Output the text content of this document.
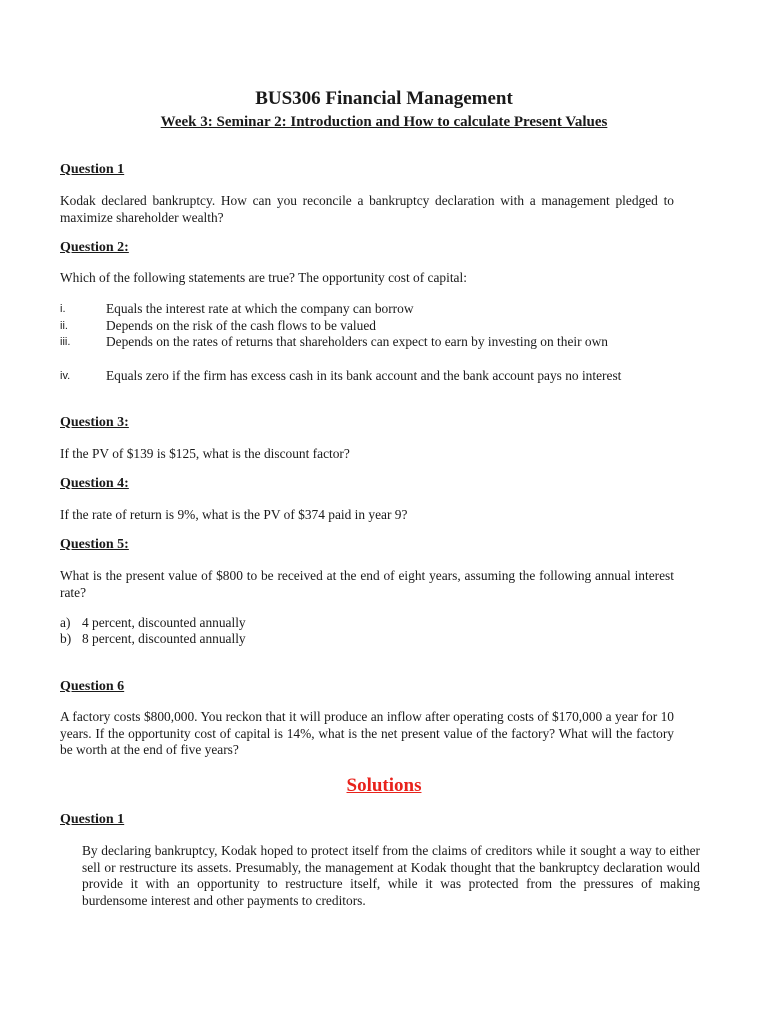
BUS306 Financial Management
Week 3: Seminar 2: Introduction and How to calculate Present Values
Question 1
Kodak declared bankruptcy. How can you reconcile a bankruptcy declaration with a management pledged to maximize shareholder wealth?
Question 2:
Which of the following statements are true? The opportunity cost of capital:
i.	Equals the interest rate at which the company can borrow
ii.	Depends on the risk of the cash flows to be valued
iii.	Depends on the rates of returns that shareholders can expect to earn by investing on their own
iv.	Equals zero if the firm has excess cash in its bank account and the bank account pays no interest
Question 3:
If the PV of $139 is $125, what is the discount factor?
Question 4:
If the rate of return is 9%, what is the PV of $374 paid in year 9?
Question 5:
What is the present value of $800 to be received at the end of eight years, assuming the following annual interest rate?
a) 4 percent, discounted annually
b) 8 percent, discounted annually
Question 6
A factory costs $800,000. You reckon that it will produce an inflow after operating costs of $170,000 a year for 10 years. If the opportunity cost of capital is 14%, what is the net present value of the factory? What will the factory be worth at the end of five years?
Solutions
Question 1
By declaring bankruptcy, Kodak hoped to protect itself from the claims of creditors while it sought a way to either sell or restructure its assets. Presumably, the management at Kodak thought that the bankruptcy declaration would provide it with an opportunity to restructure itself, while it was protected from the pressures of making burdensome interest and other payments to creditors.
